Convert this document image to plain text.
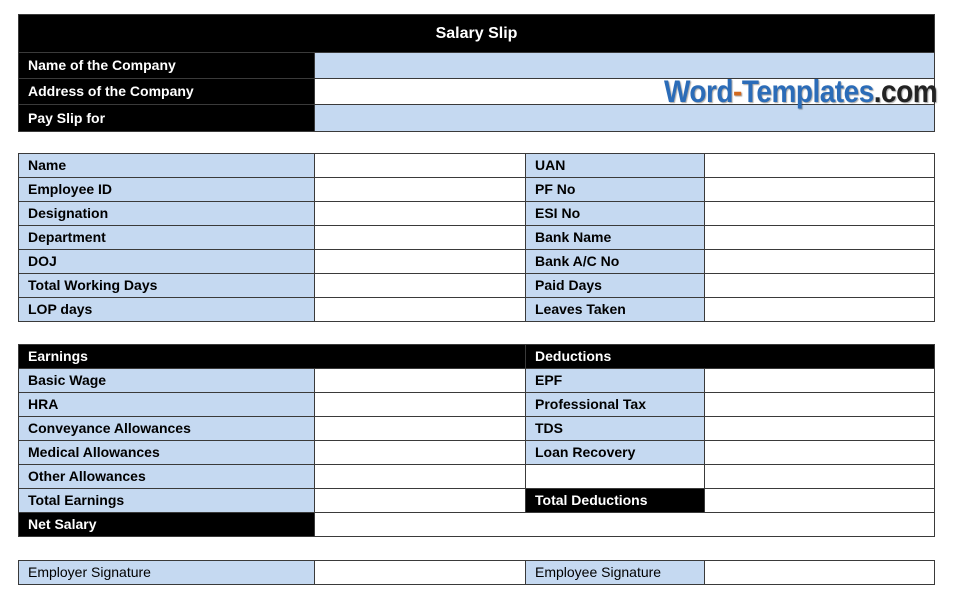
Salary Slip	
Name of the Company	
Address of the Company	
Pay Slip for	
Word-Templates.com
Name		UAN	
Employee ID		PF No	
Designation		ESI No	
Department		Bank Name	
DOJ		Bank A/C No	
Total Working Days		Paid Days	
LOP days		Leaves Taken	
Earnings		Deductions	
Basic Wage		EPF	
HRA		Professional Tax	
Conveyance Allowances		TDS	
Medical Allowances		Loan Recovery	
Other Allowances			
Total Earnings		Total Deductions	
Net Salary			
Employer Signature		Employee Signature	
